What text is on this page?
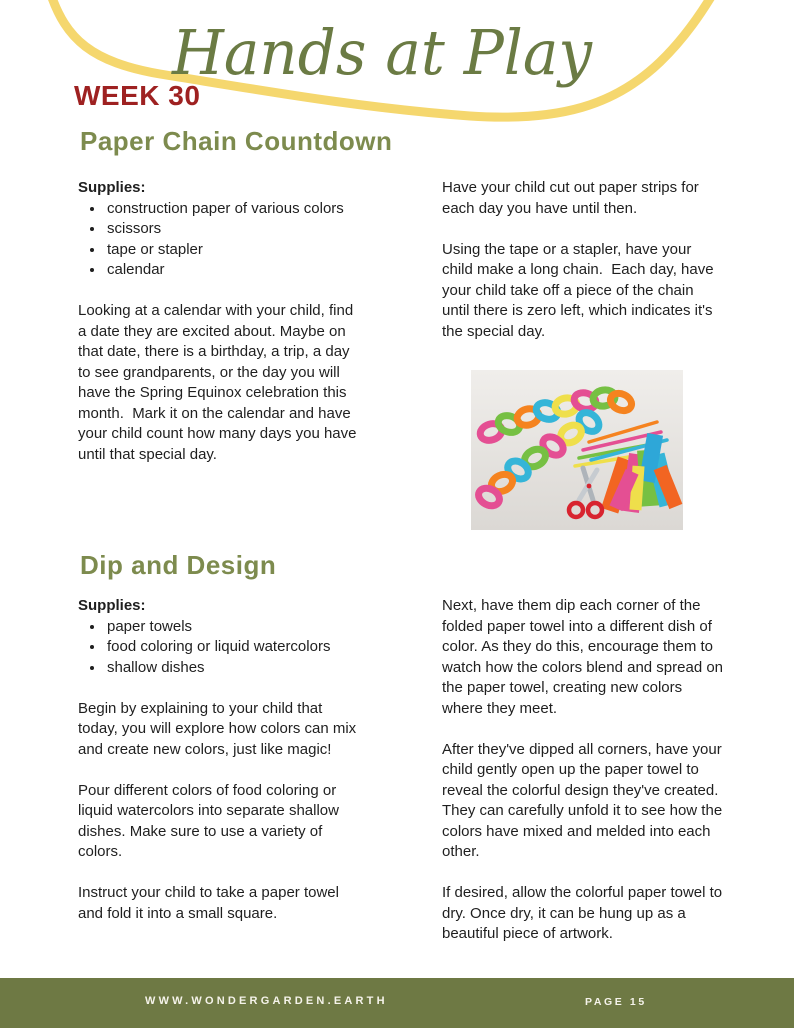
Hands at Play
WEEK 30
Paper Chain Countdown
Supplies:
• construction paper of various colors
• scissors
• tape or stapler
• calendar

Looking at a calendar with your child, find a date they are excited about. Maybe on that date, there is a birthday, a trip, a day to see grandparents, or the day you will have the Spring Equinox celebration this month.  Mark it on the calendar and have your child count how many days you have until that special day.

Have your child cut out paper strips for each day you have until then.

Using the tape or a stapler, have your child make a long chain.  Each day, have your child take off a piece of the chain until there is zero left, which indicates it's the special day.

Dip and Design
Supplies:
• paper towels
• food coloring or liquid watercolors
• shallow dishes

Begin by explaining to your child that today, you will explore how colors can mix and create new colors, just like magic!

Pour different colors of food coloring or liquid watercolors into separate shallow dishes. Make sure to use a variety of colors.

Instruct your child to take a paper towel and fold it into a small square.

Next, have them dip each corner of the folded paper towel into a different dish of color. As they do this, encourage them to watch how the colors blend and spread on the paper towel, creating new colors where they meet.

After they've dipped all corners, have your child gently open up the paper towel to reveal the colorful design they've created. They can carefully unfold it to see how the colors have mixed and melded into each other.

If desired, allow the colorful paper towel to dry. Once dry, it can be hung up as a beautiful piece of artwork.

WWW.WONDERGARDEN.EARTH	PAGE 15
